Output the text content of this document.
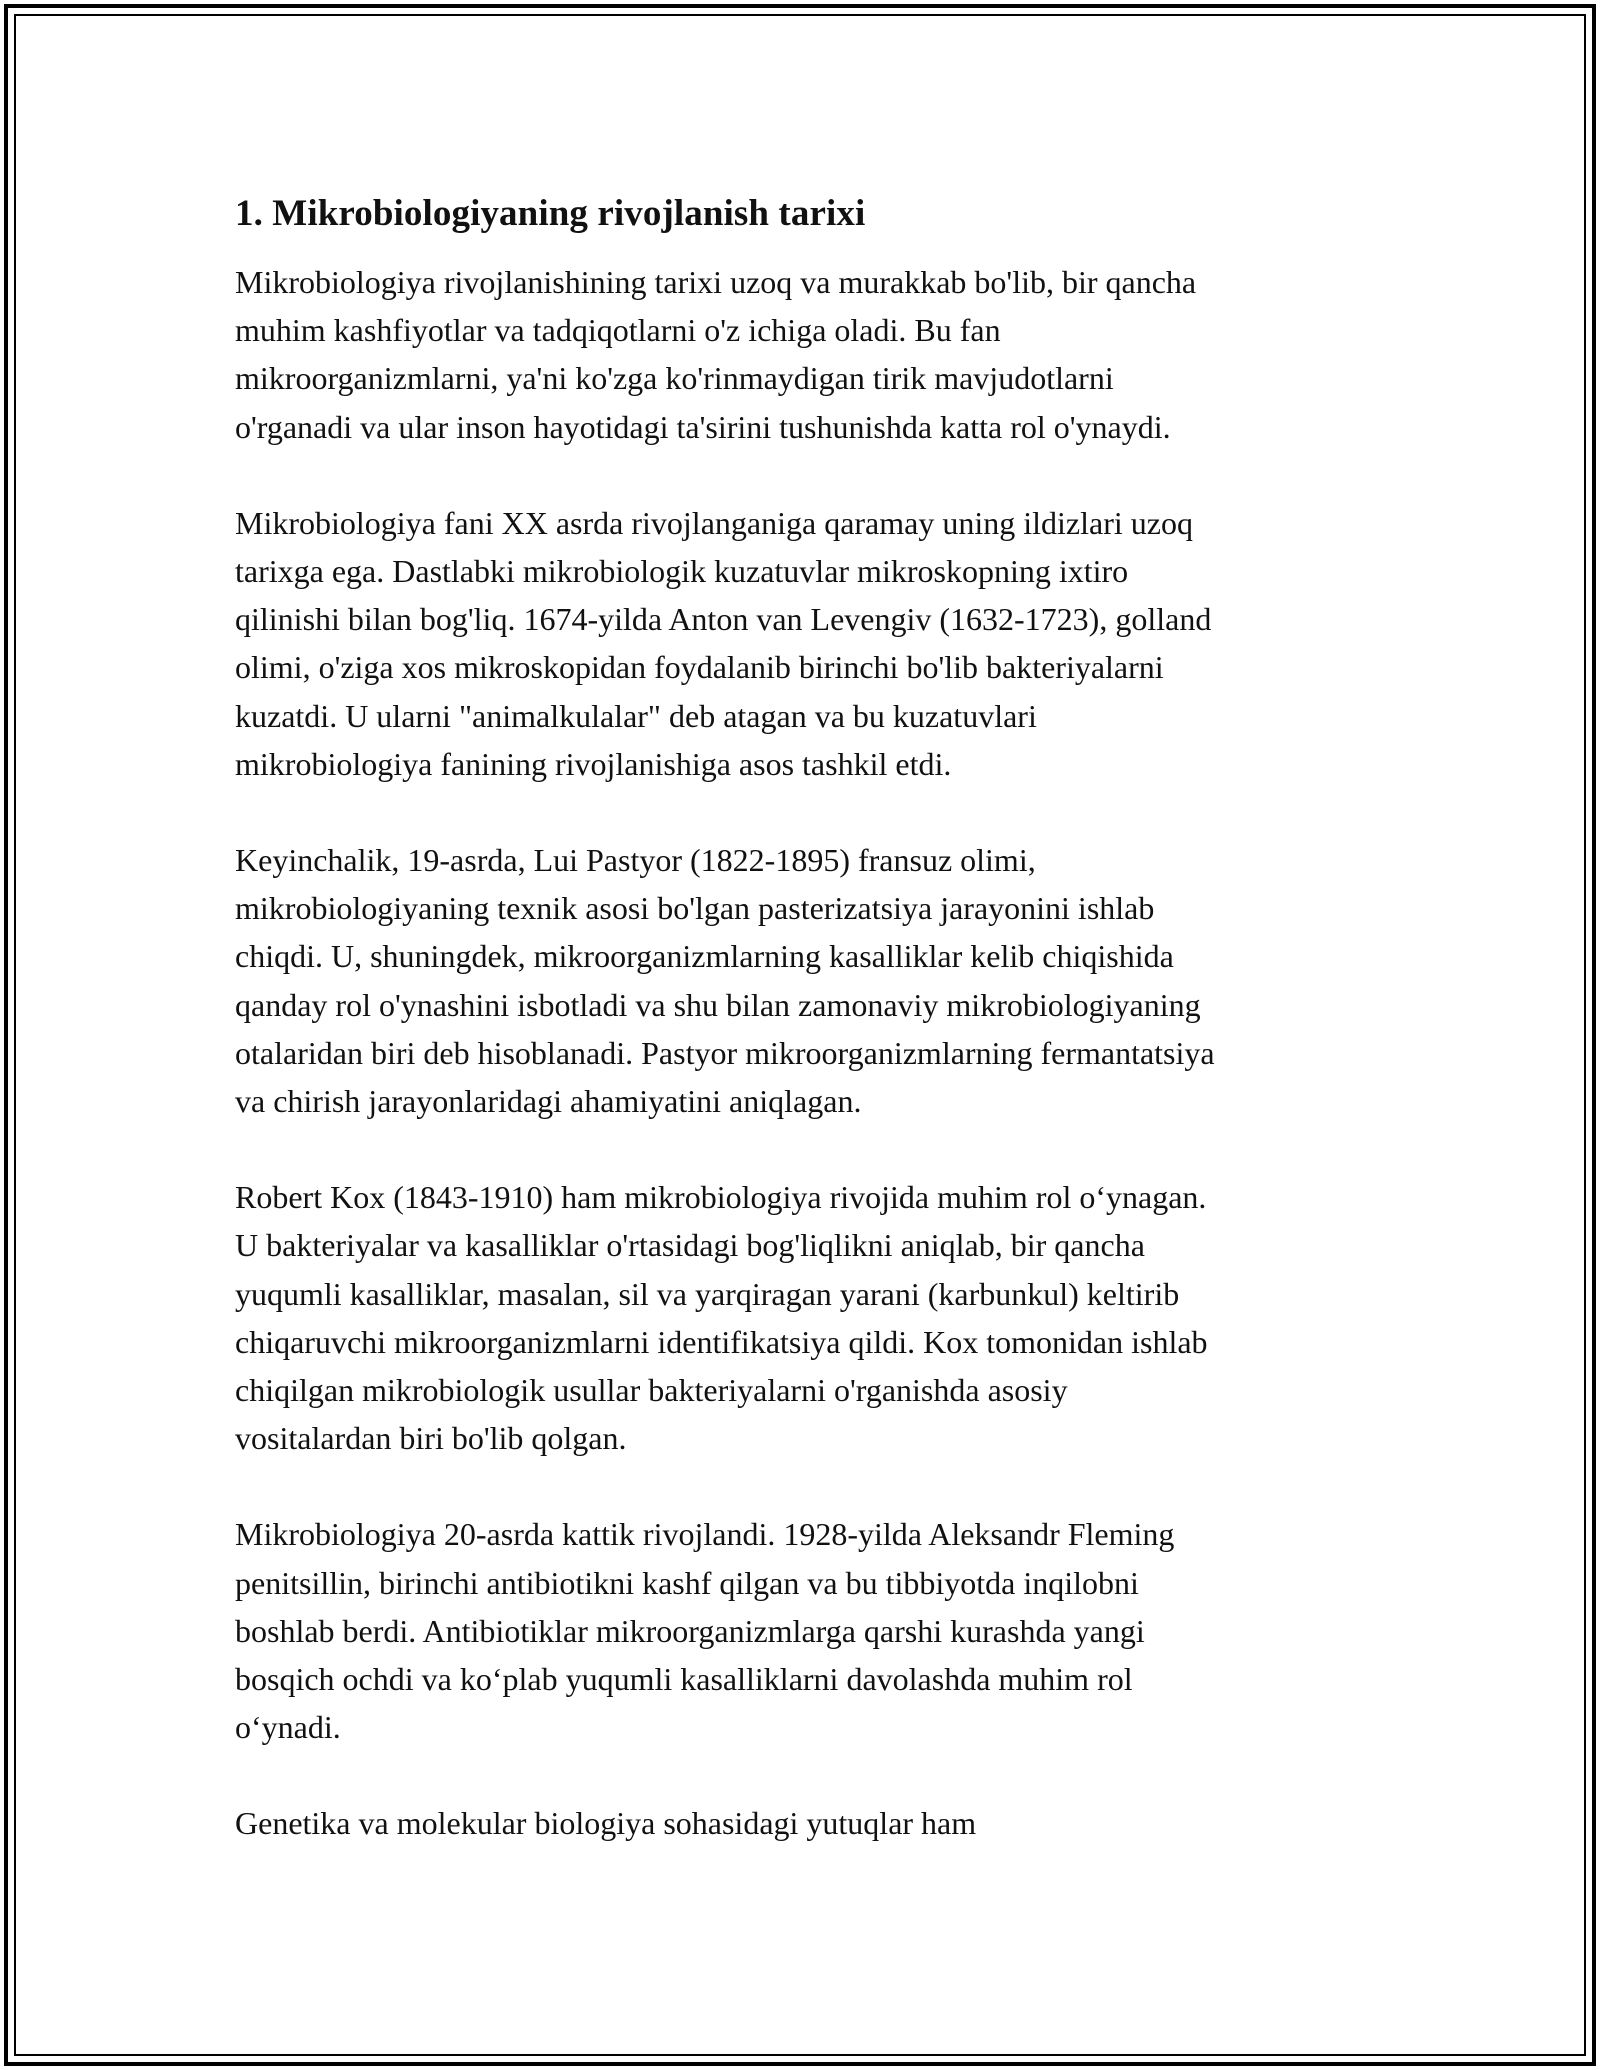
1. Mikrobiologiyaning rivojlanish tarixi

Mikrobiologiya rivojlanishining tarixi uzoq va murakkab bo'lib, bir qancha
muhim kashfiyotlar va tadqiqotlarni o'z ichiga oladi. Bu fan
mikroorganizmlarni, ya'ni ko'zga ko'rinmaydigan tirik mavjudotlarni
o'rganadi va ular inson hayotidagi ta'sirini tushunishda katta rol o'ynaydi.

Mikrobiologiya fani XX asrda rivojlanganiga qaramay uning ildizlari uzoq
tarixga ega. Dastlabki mikrobiologik kuzatuvlar mikroskopning ixtiro
qilinishi bilan bog'liq. 1674-yilda Anton van Levengiv (1632-1723), golland
olimi, o'ziga xos mikroskopidan foydalanib birinchi bo'lib bakteriyalarni
kuzatdi. U ularni "animalkulalar" deb atagan va bu kuzatuvlari
mikrobiologiya fanining rivojlanishiga asos tashkil etdi.

Keyinchalik, 19-asrda, Lui Pastyor (1822-1895) fransuz olimi,
mikrobiologiyaning texnik asosi bo'lgan pasterizatsiya jarayonini ishlab
chiqdi. U, shuningdek, mikroorganizmlarning kasalliklar kelib chiqishida
qanday rol o'ynashini isbotladi va shu bilan zamonaviy mikrobiologiyaning
otalaridan biri deb hisoblanadi. Pastyor mikroorganizmlarning fermantatsiya
va chirish jarayonlaridagi ahamiyatini aniqlagan.

Robert Kox (1843-1910) ham mikrobiologiya rivojida muhim rol o‘ynagan.
U bakteriyalar va kasalliklar o'rtasidagi bog'liqlikni aniqlab, bir qancha
yuqumli kasalliklar, masalan, sil va yarqiragan yarani (karbunkul) keltirib
chiqaruvchi mikroorganizmlarni identifikatsiya qildi. Kox tomonidan ishlab
chiqilgan mikrobiologik usullar bakteriyalarni o'rganishda asosiy
vositalardan biri bo'lib qolgan.

Mikrobiologiya 20-asrda kattik rivojlandi. 1928-yilda Aleksandr Fleming
penitsillin, birinchi antibiotikni kashf qilgan va bu tibbiyotda inqilobni
boshlab berdi. Antibiotiklar mikroorganizmlarga qarshi kurashda yangi
bosqich ochdi va ko‘plab yuqumli kasalliklarni davolashda muhim rol
o‘ynadi.

Genetika va molekular biologiya sohasidagi yutuqlar ham
